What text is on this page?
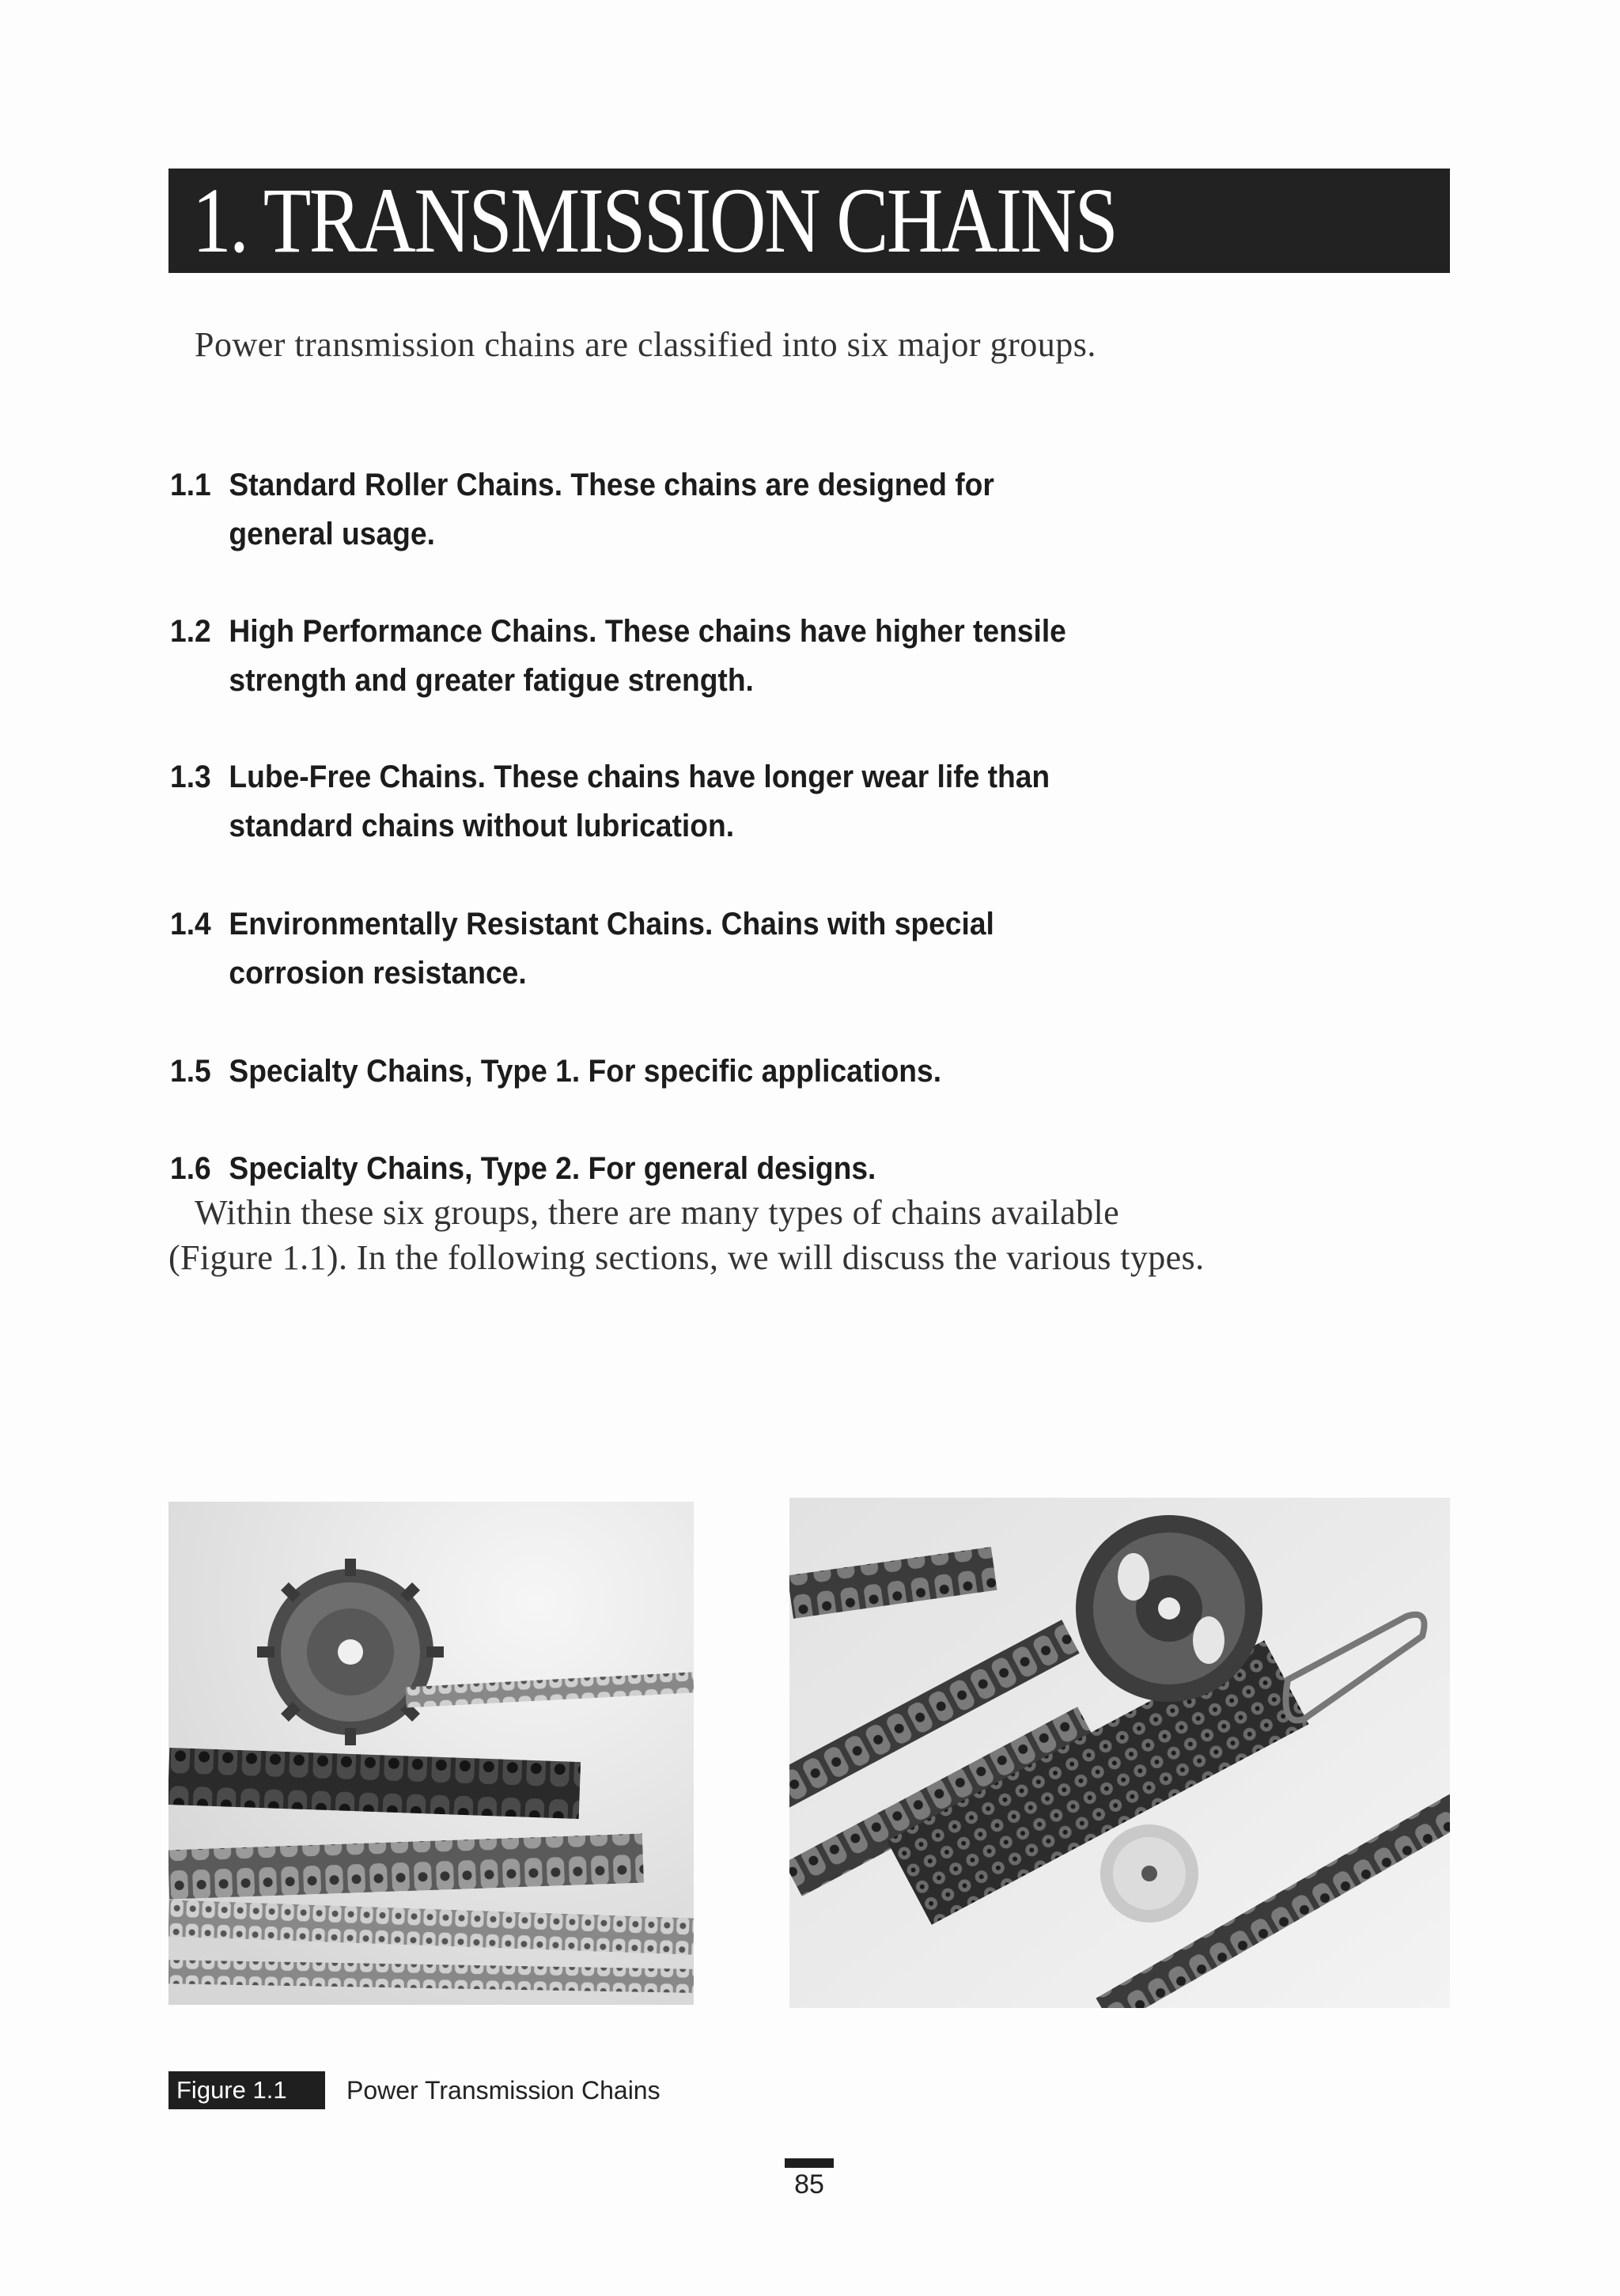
1. TRANSMISSION CHAINS
Power transmission chains are classified into six major groups.
1.1 Standard Roller Chains. These chains are designed for
general usage.
1.2 High Performance Chains. These chains have higher tensile
strength and greater fatigue strength.
1.3 Lube-Free Chains. These chains have longer wear life than
standard chains without lubrication.
1.4 Environmentally Resistant Chains. Chains with special
corrosion resistance.
1.5 Specialty Chains, Type 1. For specific applications.
1.6 Specialty Chains, Type 2. For general designs.
Within these six groups, there are many types of chains available
(Figure 1.1). In the following sections, we will discuss the various types.
Figure 1.1	Power Transmission Chains
85
